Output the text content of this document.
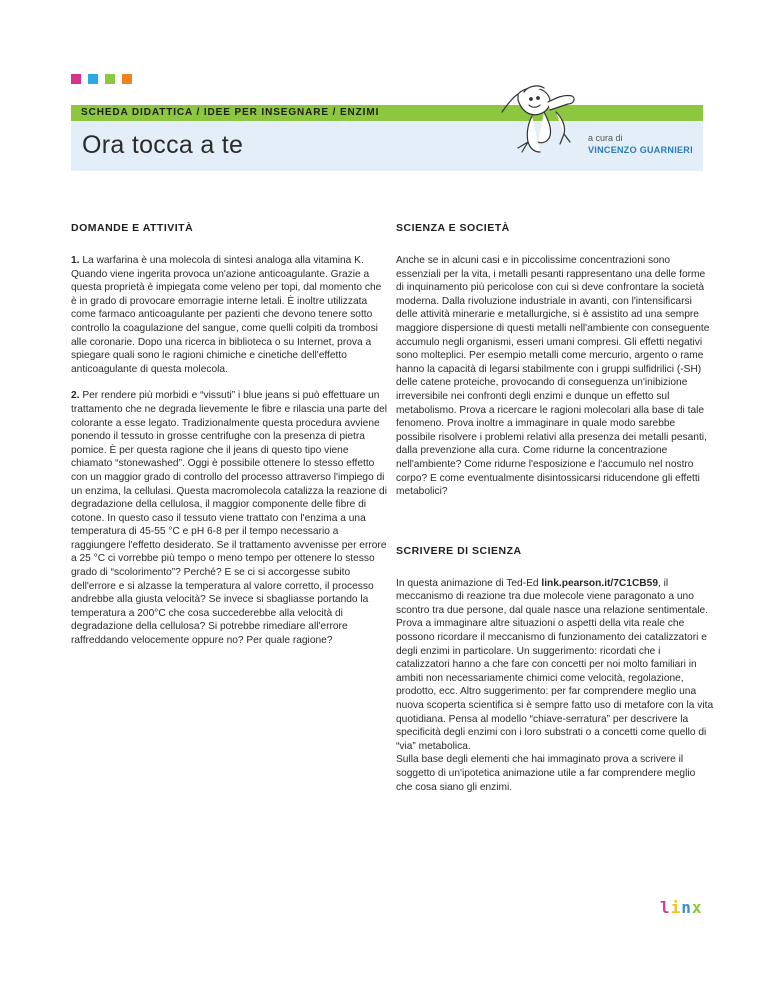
SCHEDA DIDATTICA / IDEE PER INSEGNARE / ENZIMI
Ora tocca a te	a cura di
VINCENZO GUARNIERI
DOMANDE E ATTIVITÀ

1. La warfarina è una molecola di sintesi analoga alla vitamina K. Quando viene ingerita provoca un'azione anticoagulante. Grazie a questa proprietà è impiegata come veleno per topi, dal momento che è in grado di provocare emorragie interne letali. È inoltre utilizzata come farmaco anticoagulante per pazienti che devono tenere sotto controllo la coagulazione del sangue, come quelli colpiti da trombosi alle coronarie. Dopo una ricerca in biblioteca o su Internet, prova a spiegare quali sono le ragioni chimiche e cinetiche dell'effetto anticoagulante di questa molecola.

2. Per rendere più morbidi e “vissuti” i blue jeans si può effettuare un trattamento che ne degrada lievemente le fibre e rilascia una parte del colorante a esse legato. Tradizionalmente questa procedura avviene ponendo il tessuto in grosse centrifughe con la presenza di pietra pomice. È per questa ragione che il jeans di questo tipo viene chiamato “stonewashed”. Oggi è possibile ottenere lo stesso effetto con un maggior grado di controllo del processo attraverso l'impiego di un enzima, la cellulasi. Questa macromolecola catalizza la reazione di degradazione della cellulosa, il maggior componente delle fibre di cotone. In questo caso il tessuto viene trattato con l'enzima a una temperatura di 45-55 °C e pH 6-8 per il tempo necessario a raggiungere l'effetto desiderato. Se il trattamento avvenisse per errore a 25 °C ci vorrebbe più tempo o meno tempo per ottenere lo stesso grado di “scolorimento”? Perché? E se ci si accorgesse subito dell'errore e si alzasse la temperatura al valore corretto, il processo andrebbe alla giusta velocità? Se invece si sbagliasse portando la temperatura a 200°C che cosa succederebbe alla velocità di degradazione della cellulosa? Si potrebbe rimediare all'errore raffreddando velocemente oppure no? Per quale ragione?

SCIENZA E SOCIETÀ

Anche se in alcuni casi e in piccolissime concentrazioni sono essenziali per la vita, i metalli pesanti rappresentano una delle forme di inquinamento più pericolose con cui si deve confrontare la società moderna. Dalla rivoluzione industriale in avanti, con l'intensificarsi delle attività minerarie e metallurgiche, si è assistito ad una sempre maggiore dispersione di questi metalli nell'ambiente con conseguente accumulo negli organismi, esseri umani compresi. Gli effetti negativi sono molteplici. Per esempio metalli come mercurio, argento o rame hanno la capacità di legarsi stabilmente con i gruppi sulfidrilici (-SH) delle catene proteiche, provocando di conseguenza un'inibizione irreversibile nei confronti degli enzimi e dunque un effetto sul metabolismo. Prova a ricercare le ragioni molecolari alla base di tale fenomeno. Prova inoltre a immaginare in quale modo sarebbe possibile risolvere i problemi relativi alla presenza dei metalli pesanti, dalla prevenzione alla cura. Come ridurne la concentrazione nell'ambiente? Come ridurne l'esposizione e l'accumulo nel nostro corpo? E come eventualmente disintossicarsi riducendone gli effetti metabolici?

SCRIVERE DI SCIENZA

In questa animazione di Ted-Ed link.pearson.it/7C1CB59, il meccanismo di reazione tra due molecole viene paragonato a uno scontro tra due persone, dal quale nasce una relazione sentimentale. Prova a immaginare altre situazioni o aspetti della vita reale che possono ricordare il meccanismo di funzionamento dei catalizzatori e degli enzimi in particolare. Un suggerimento: ricordati che i catalizzatori hanno a che fare con concetti per noi molto familiari in ambiti non necessariamente chimici come velocità, regolazione, prodotto, ecc. Altro suggerimento: per far comprendere meglio una nuova scoperta scientifica si è sempre fatto uso di metafore con la vita quotidiana. Pensa al modello “chiave-serratura” per descrivere la specificità degli enzimi con i loro substrati o a concetti come quello di “via” metabolica.
Sulla base degli elementi che hai immaginato prova a scrivere il soggetto di un'ipotetica animazione utile a far comprendere meglio che cosa siano gli enzimi.

linx
